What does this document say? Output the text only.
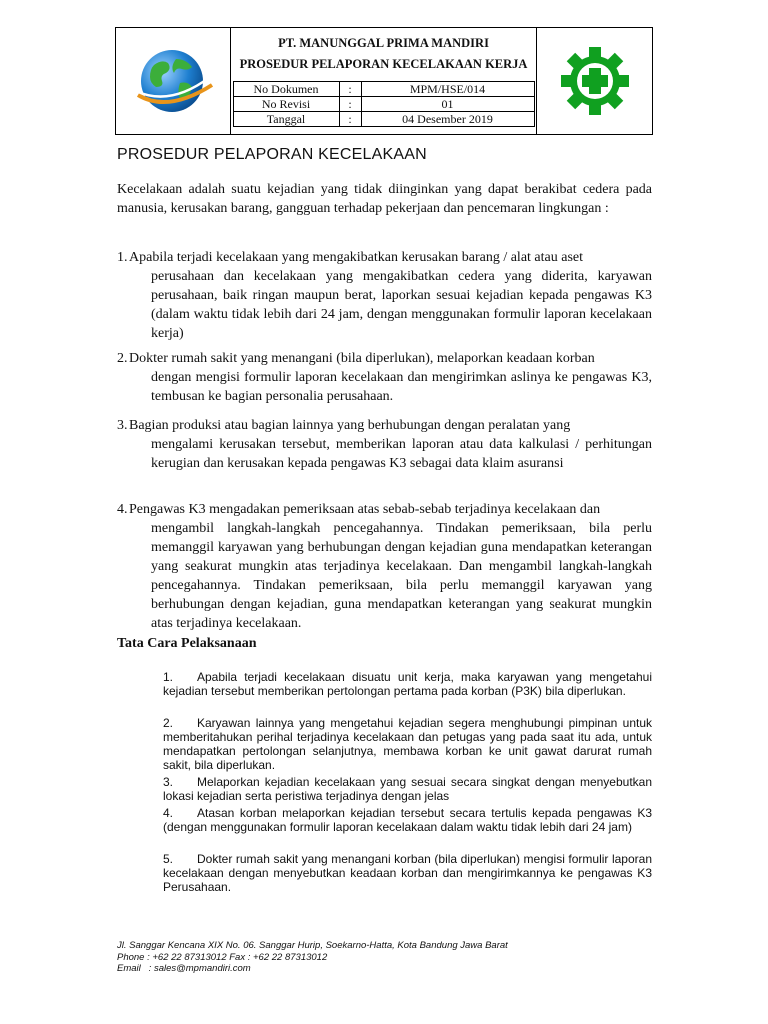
PT. MANUNGGAL PRIMA MANDIRI
PROSEDUR PELAPORAN KECELAKAAN KERJA
No Dokumen	:	MPM/HSE/014
No Revisi	:	01
Tanggal	:	04 Desember 2019
PROSEDUR PELAPORAN KECELAKAAN
Kecelakaan adalah suatu kejadian yang tidak diinginkan yang dapat berakibat cedera pada manusia, kerusakan barang, gangguan terhadap pekerjaan dan pencemaran lingkungan :
1. Apabila terjadi kecelakaan yang mengakibatkan kerusakan barang / alat atau aset
perusahaan dan kecelakaan yang mengakibatkan cedera yang diderita, karyawan perusahaan, baik ringan maupun berat, laporkan sesuai kejadian kepada pengawas K3 (dalam waktu tidak lebih dari 24 jam, dengan menggunakan formulir laporan kecelakaan kerja)
2. Dokter rumah sakit yang menangani (bila diperlukan), melaporkan keadaan korban
dengan mengisi formulir laporan kecelakaan dan mengirimkan aslinya ke pengawas K3, tembusan ke bagian personalia perusahaan.
3. Bagian produksi atau bagian lainnya yang berhubungan dengan peralatan yang
mengalami kerusakan tersebut, memberikan laporan atau data kalkulasi / perhitungan kerugian dan kerusakan kepada pengawas K3 sebagai data klaim asuransi
4. Pengawas K3 mengadakan pemeriksaan atas sebab-sebab terjadinya kecelakaan dan
mengambil langkah-langkah pencegahannya. Tindakan pemeriksaan, bila perlu memanggil karyawan yang berhubungan dengan kejadian guna mendapatkan keterangan yang seakurat mungkin atas terjadinya kecelakaan. Dan mengambil langkah-langkah pencegahannya. Tindakan pemeriksaan, bila perlu memanggil karyawan yang berhubungan dengan kejadian, guna mendapatkan keterangan yang seakurat mungkin atas terjadinya kecelakaan.
Tata Cara Pelaksanaan
1. Apabila terjadi kecelakaan disuatu unit kerja, maka karyawan yang mengetahui kejadian tersebut memberikan pertolongan pertama pada korban (P3K) bila diperlukan.
2. Karyawan lainnya yang mengetahui kejadian segera menghubungi pimpinan untuk memberitahukan perihal terjadinya kecelakaan dan petugas yang pada saat itu ada, untuk mendapatkan pertolongan selanjutnya, membawa korban ke unit gawat darurat rumah sakit, bila diperlukan.
3. Melaporkan kejadian kecelakaan yang sesuai secara singkat dengan menyebutkan lokasi kejadian serta peristiwa terjadinya dengan jelas
4. Atasan korban melaporkan kejadian tersebut secara tertulis kepada pengawas K3 (dengan menggunakan formulir laporan kecelakaan dalam waktu tidak lebih dari 24 jam)
5. Dokter rumah sakit yang menangani korban (bila diperlukan) mengisi formulir laporan kecelakaan dengan menyebutkan keadaan korban dan mengirimkannya ke pengawas K3 Perusahaan.
Jl. Sanggar Kencana XIX No. 06. Sanggar Hurip, Soekarno-Hatta, Kota Bandung Jawa Barat
Phone : +62 22 87313012 Fax : +62 22 87313012
Email   : sales@mpmandiri.com
